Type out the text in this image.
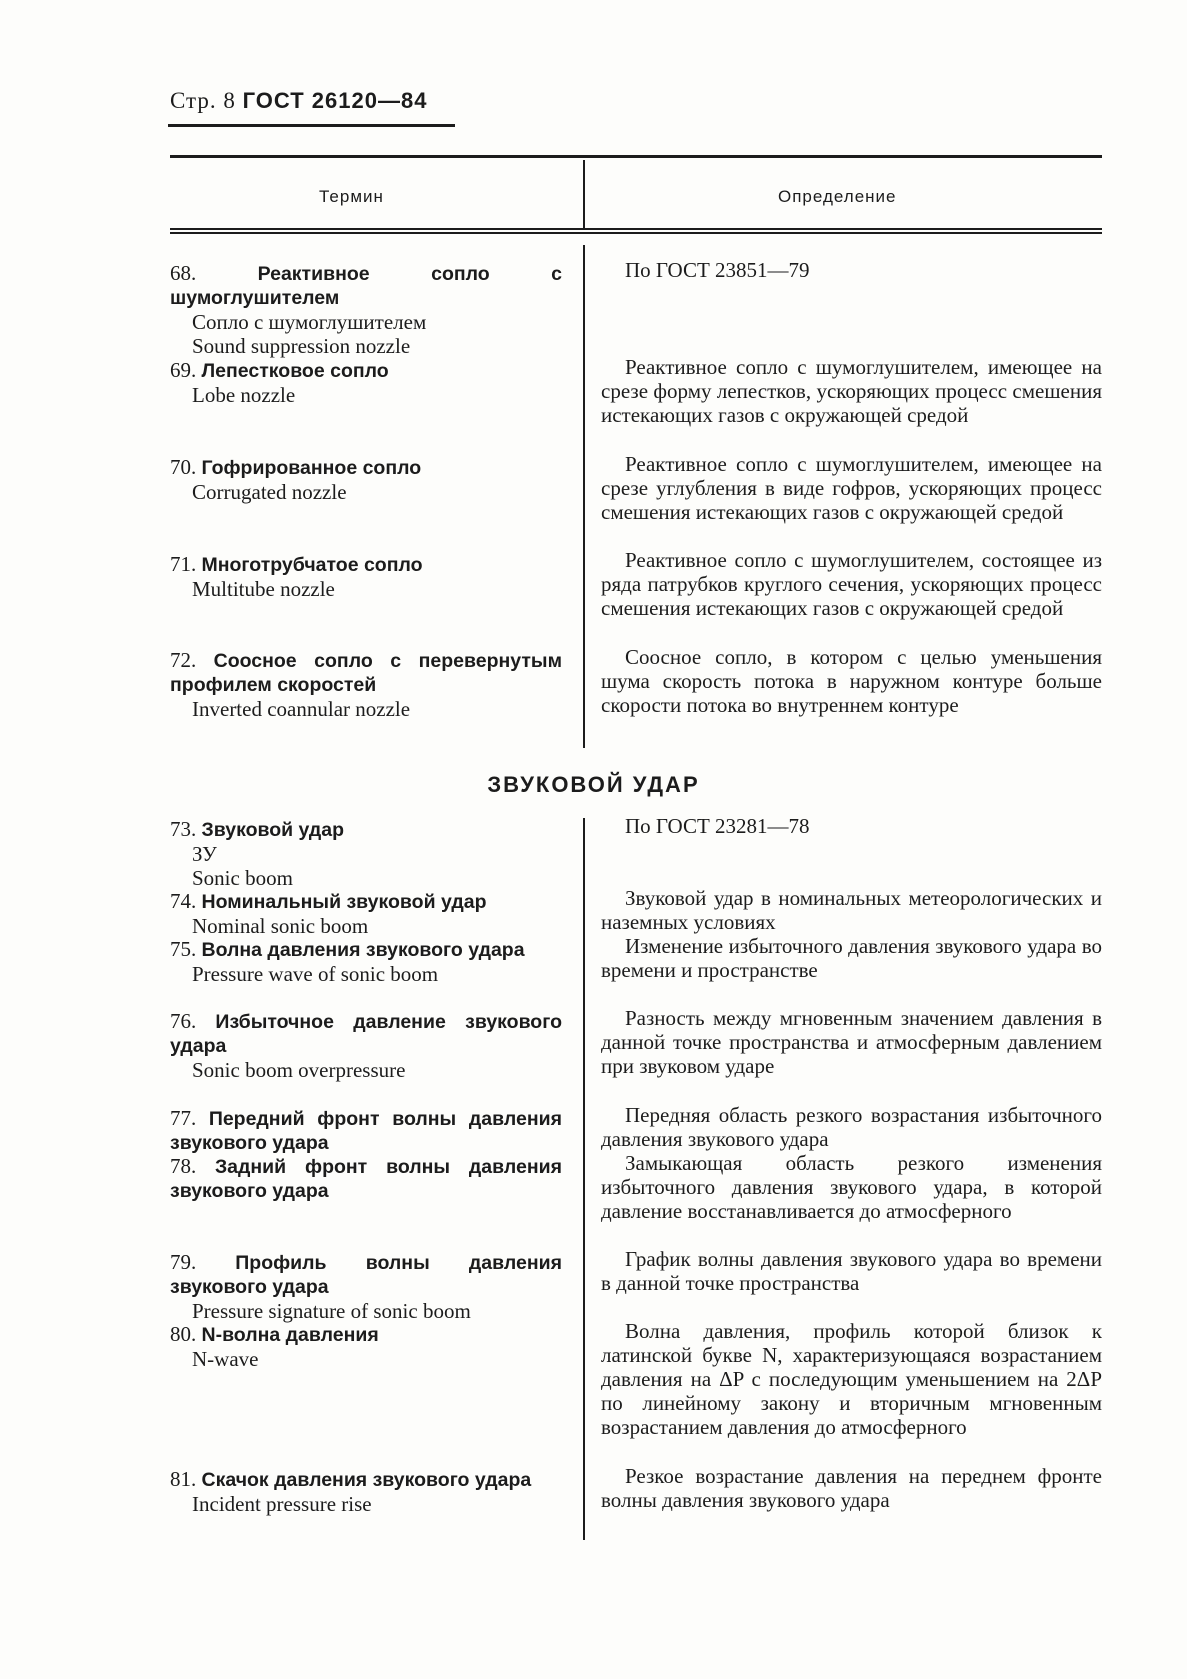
Стр. 8 ГОСТ 26120—84
Термин	Определение
ЗВУКОВОЙ УДАР
68. Реактивное сопло с шумоглушителем
Сопло с шумоглушителем
Sound suppression nozzle
По ГОСТ 23851—79
69. Лепестковое сопло
Lobe nozzle
Реактивное сопло с шумоглушителем, имеющее на срезе форму лепестков, ускоряющих процесс смешения истекающих газов с окружающей средой
70. Гофрированное сопло
Corrugated nozzle
Реактивное сопло с шумоглушителем, имеющее на срезе углубления в виде гофров, ускоряющих процесс смешения истекающих газов с окружающей средой
71. Многотрубчатое сопло
Multitube nozzle
Реактивное сопло с шумоглушителем, состоящее из ряда патрубков круглого сечения, ускоряющих процесс смешения истекающих газов с окружающей средой
72. Соосное сопло с перевернутым профилем скоростей
Inverted coannular nozzle
Соосное сопло, в котором с целью уменьшения шума скорость потока в наружном контуре больше скорости потока во внутреннем контуре
73. Звуковой удар
ЗУ
Sonic boom
По ГОСТ 23281—78
74. Номинальный звуковой удар
Nominal sonic boom
Звуковой удар в номинальных метеорологических и наземных условиях
75. Волна давления звукового удара
Pressure wave of sonic boom
Изменение избыточного давления звукового удара во времени и пространстве
76. Избыточное давление звукового удара
Sonic boom overpressure
Разность между мгновенным значением давления в данной точке пространства и атмосферным давлением при звуковом ударе
77. Передний фронт волны давления звукового удара
Передняя область резкого возрастания избыточного давления звукового удара
78. Задний фронт волны давления звукового удара
Замыкающая область резкого изменения избыточного давления звукового удара, в которой давление восстанавливается до атмосферного
79. Профиль волны давления звукового удара
Pressure signature of sonic boom
График волны давления звукового удара во времени в данной точке пространства
80. N-волна давления
N-wave
Волна давления, профиль которой близок к латинской букве N, характеризующаяся возрастанием давления на ΔP с последующим уменьшением на 2ΔP по линейному закону и вторичным мгновенным возрастанием давления до атмосферного
81. Скачок давления звукового удара
Incident pressure rise
Резкое возрастание давления на переднем фронте волны давления звукового удара
